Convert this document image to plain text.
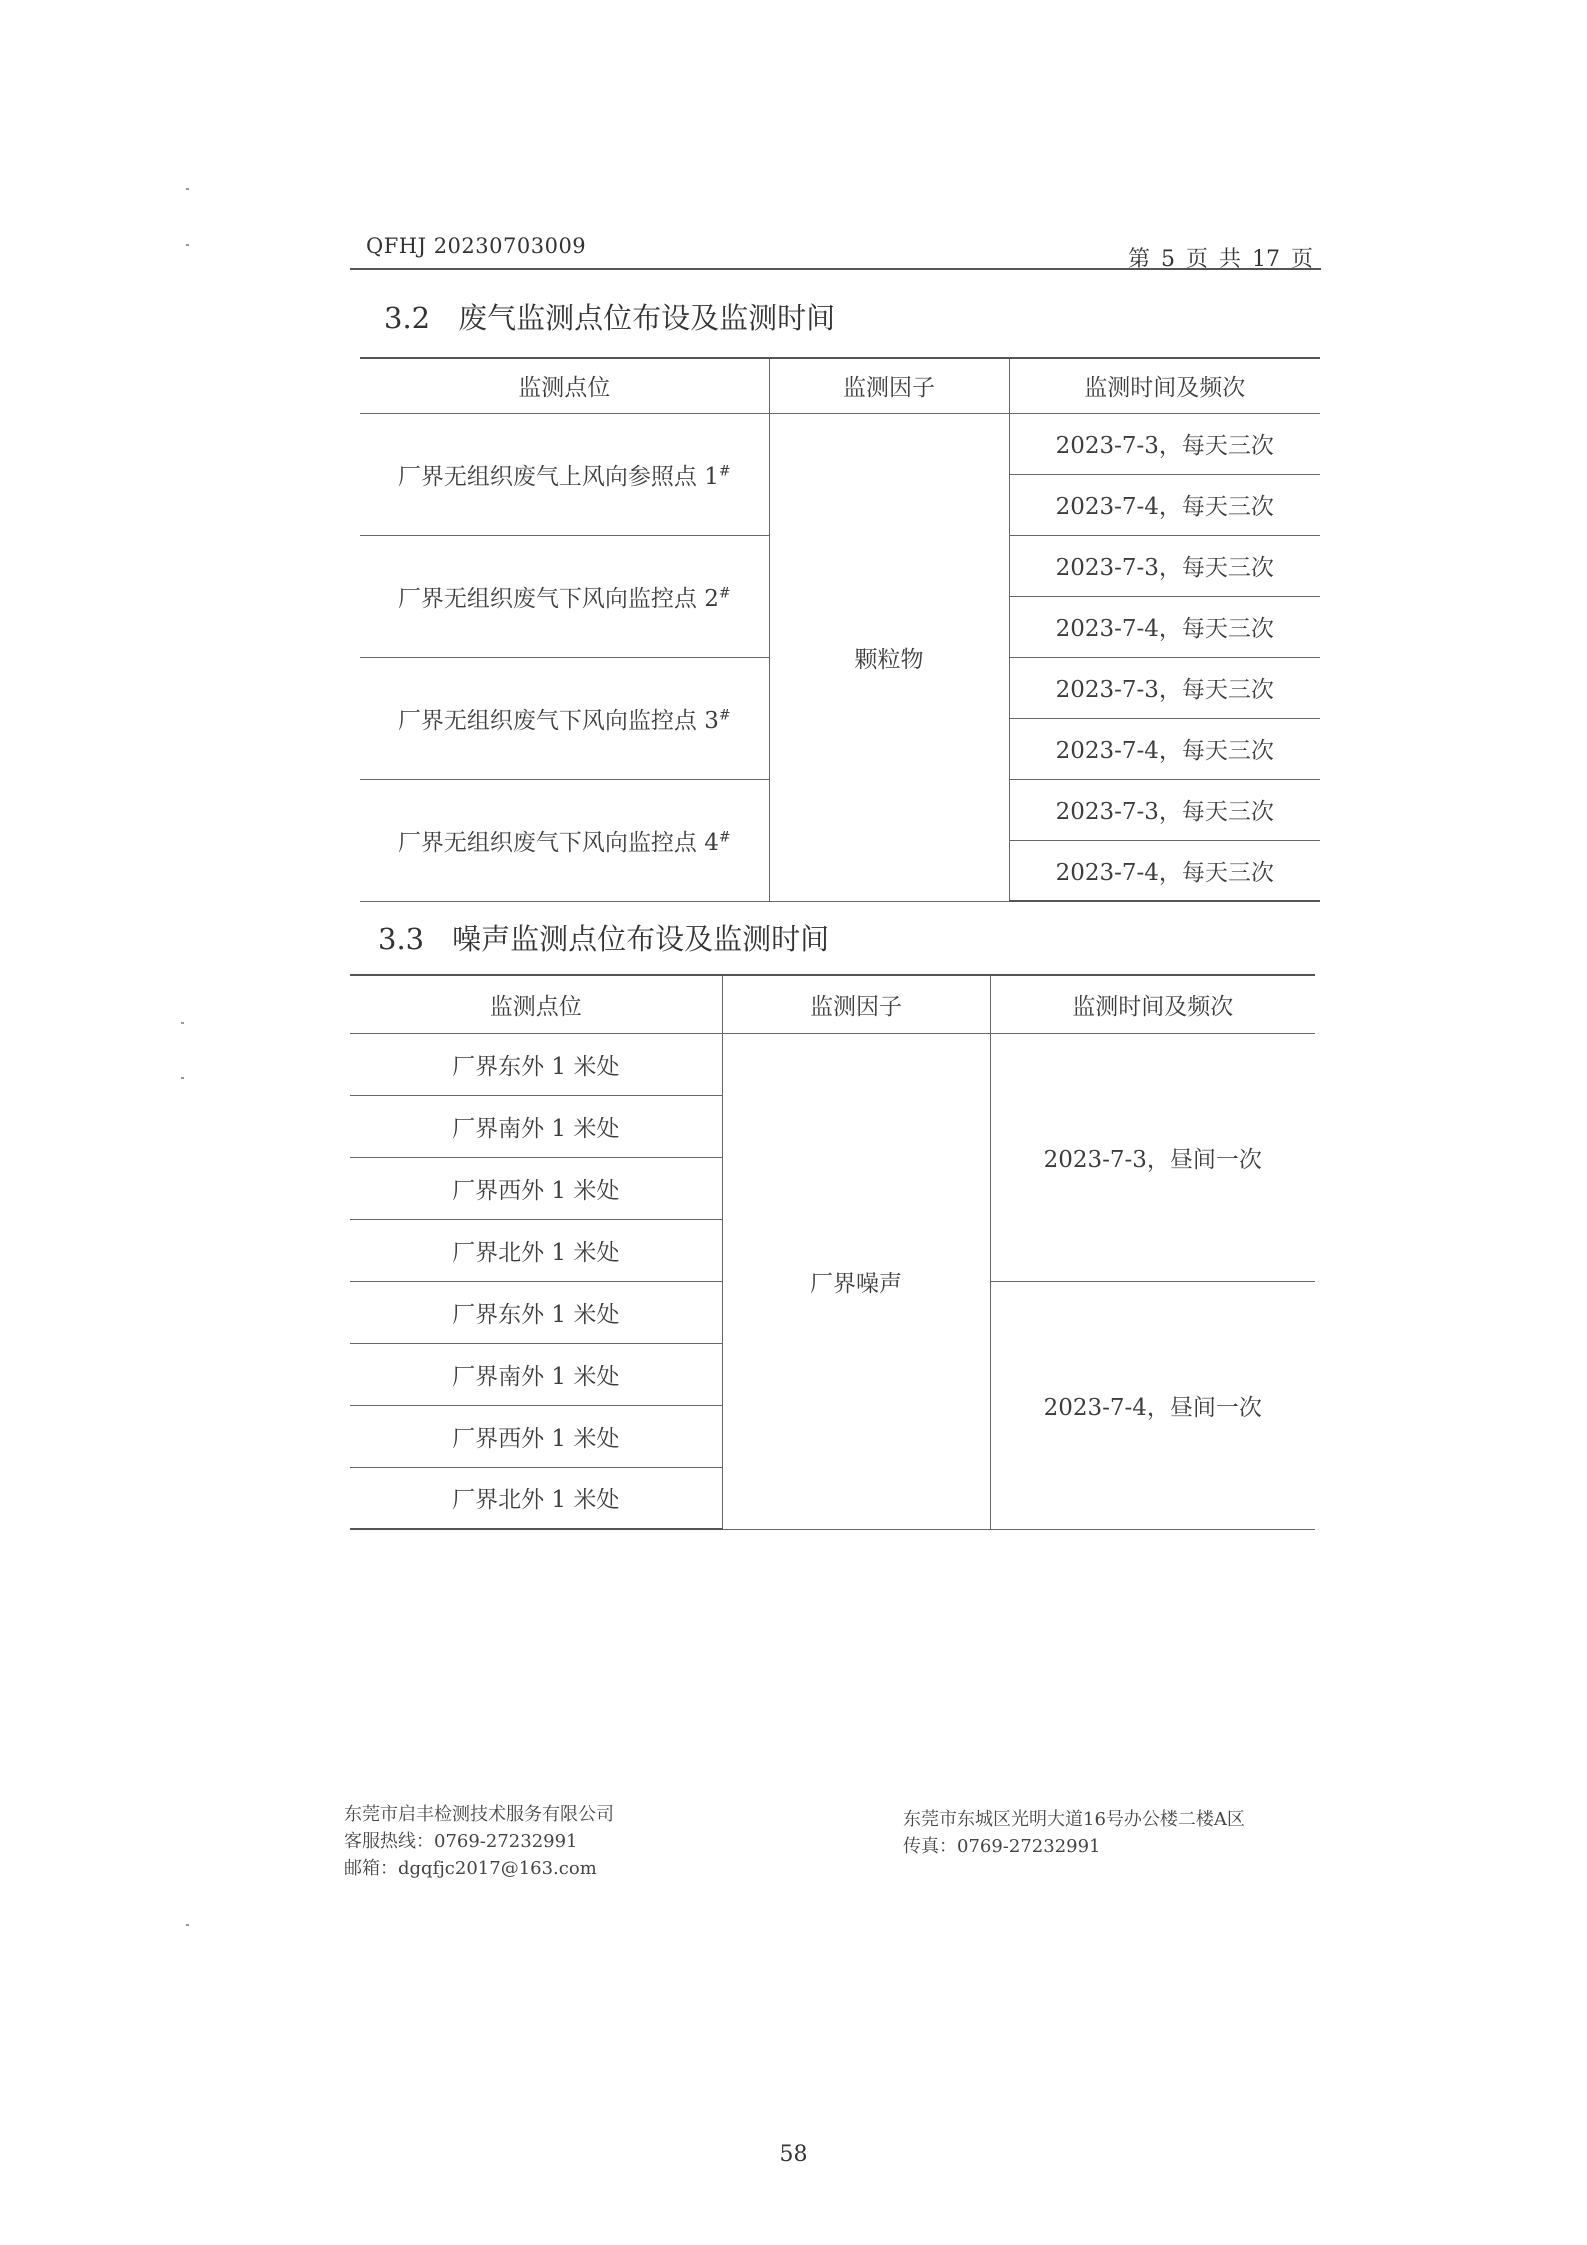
QFHJ 20230703009
第 5 页 共 17 页
3.2 废气监测点位布设及监测时间
监测点位	监测因子	监测时间及频次
厂界无组织废气上风向参照点 1#	颗粒物	2023-7-3，每天三次
		2023-7-4，每天三次
厂界无组织废气下风向监控点 2#		2023-7-3，每天三次
		2023-7-4，每天三次
厂界无组织废气下风向监控点 3#		2023-7-3，每天三次
		2023-7-4，每天三次
厂界无组织废气下风向监控点 4#		2023-7-3，每天三次
		2023-7-4，每天三次
3.3 噪声监测点位布设及监测时间
监测点位	监测因子	监测时间及频次
厂界东外 1 米处	厂界噪声	2023-7-3，昼间一次
厂界南外 1 米处		
厂界西外 1 米处		
厂界北外 1 米处		
厂界东外 1 米处		2023-7-4，昼间一次
厂界南外 1 米处		
厂界西外 1 米处		
厂界北外 1 米处		
东莞市启丰检测技术服务有限公司
客服热线：0769-27232991
邮箱：dgqfjc2017@163.com
东莞市东城区光明大道16号办公楼二楼A区
传真：0769-27232991
58
